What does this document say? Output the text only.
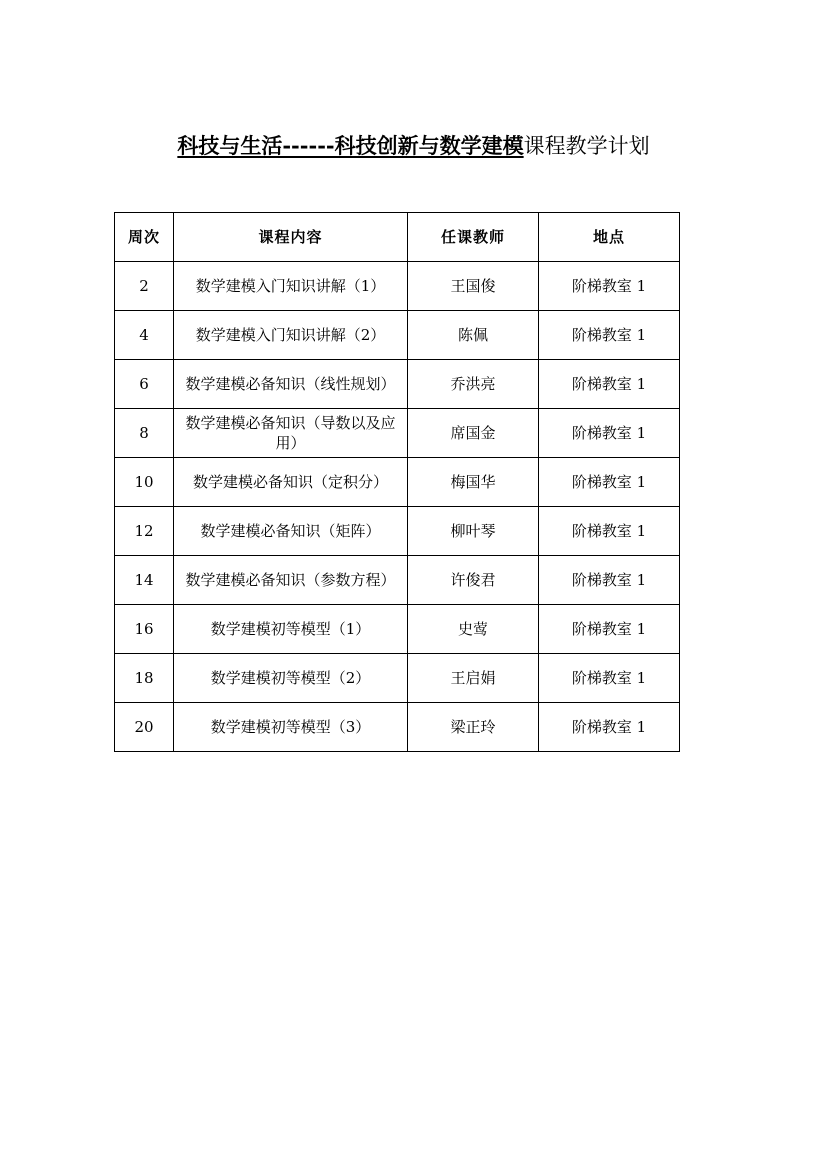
科技与生活------科技创新与数学建模课程教学计划
周次	课程内容	任课教师	地点
2	数学建模入门知识讲解（1）	王国俊	阶梯教室 1
4	数学建模入门知识讲解（2）	陈佩	阶梯教室 1
6	数学建模必备知识（线性规划）	乔洪亮	阶梯教室 1
8	数学建模必备知识（导数以及应用）	席国金	阶梯教室 1
10	数学建模必备知识（定积分）	梅国华	阶梯教室 1
12	数学建模必备知识（矩阵）	柳叶琴	阶梯教室 1
14	数学建模必备知识（参数方程）	许俊君	阶梯教室 1
16	数学建模初等模型（1）	史莺	阶梯教室 1
18	数学建模初等模型（2）	王启娟	阶梯教室 1
20	数学建模初等模型（3）	梁正玲	阶梯教室 1
